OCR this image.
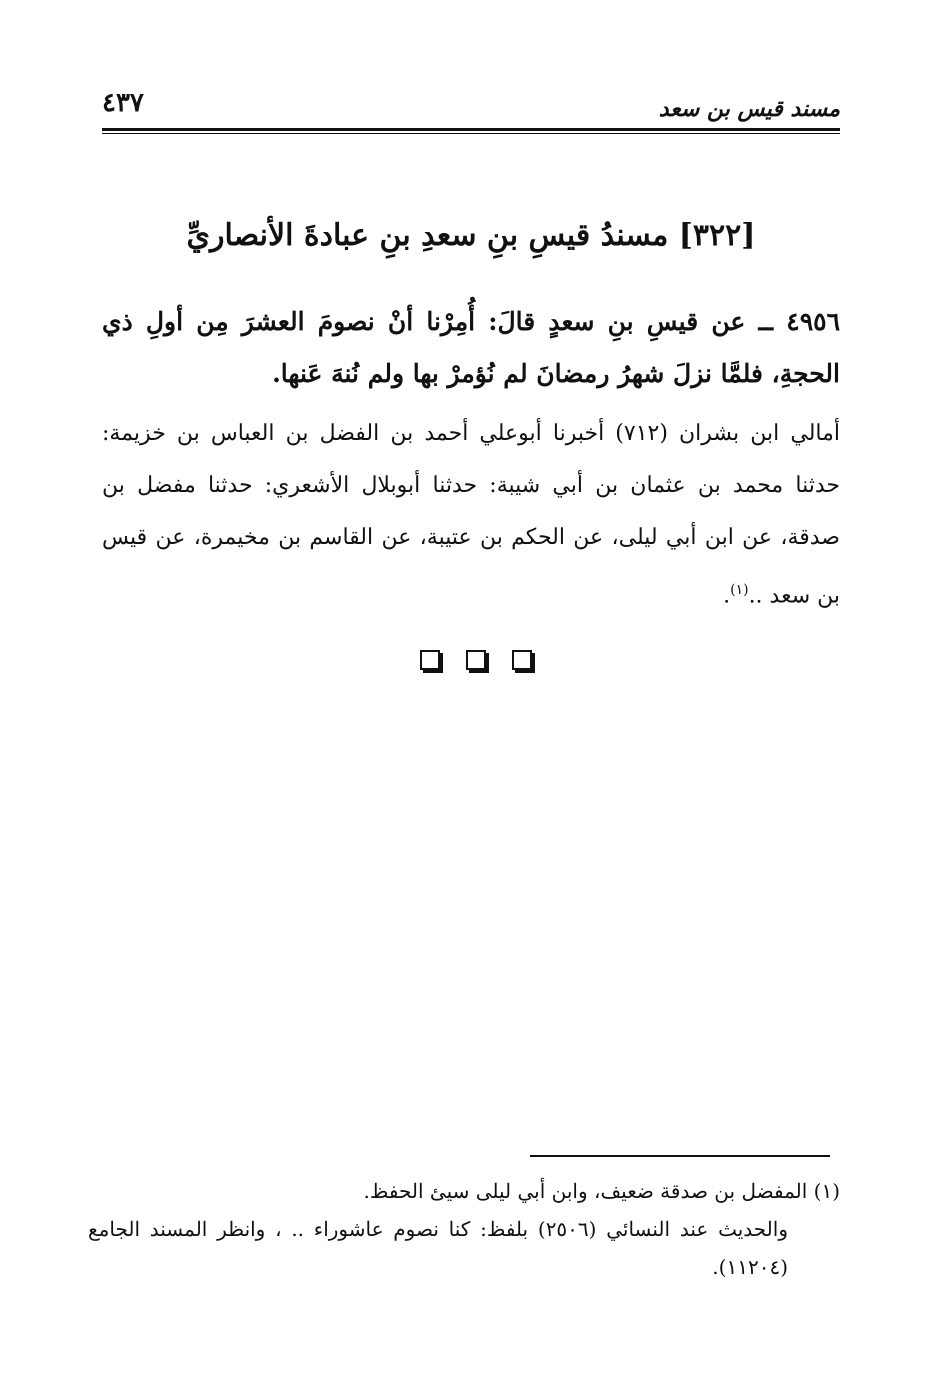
مسند قيس بن سعد
٤٣٧
[٣٢٢] مسندُ قيسِ بنِ سعدِ بنِ عبادةَ الأنصاريِّ
٤٩٥٦ ــ عن قيسِ بنِ سعدٍ قالَ: أُمِرْنا أنْ نصومَ العشرَ مِن أولِ ذي الحجةِ، فلمَّا نزلَ شهرُ رمضانَ لم نُؤمرْ بها ولم نُنهَ عَنها.
أمالي ابن بشران (٧١٢) أخبرنا أبوعلي أحمد بن الفضل بن العباس بن خزيمة: حدثنا محمد بن عثمان بن أبي شيبة: حدثنا أبوبلال الأشعري: حدثنا مفضل بن صدقة، عن ابن أبي ليلى، عن الحكم بن عتيبة، عن القاسم بن مخيمرة، عن قيس بن سعد ..$^{(١)}$.

(١) المفضل بن صدقة ضعيف، وابن أبي ليلى سيئ الحفظ.

والحديث عند النسائي (٢٥٠٦) بلفظ: كنا نصوم عاشوراء .. ، وانظر المسند الجامع (١١٢٠٤).
